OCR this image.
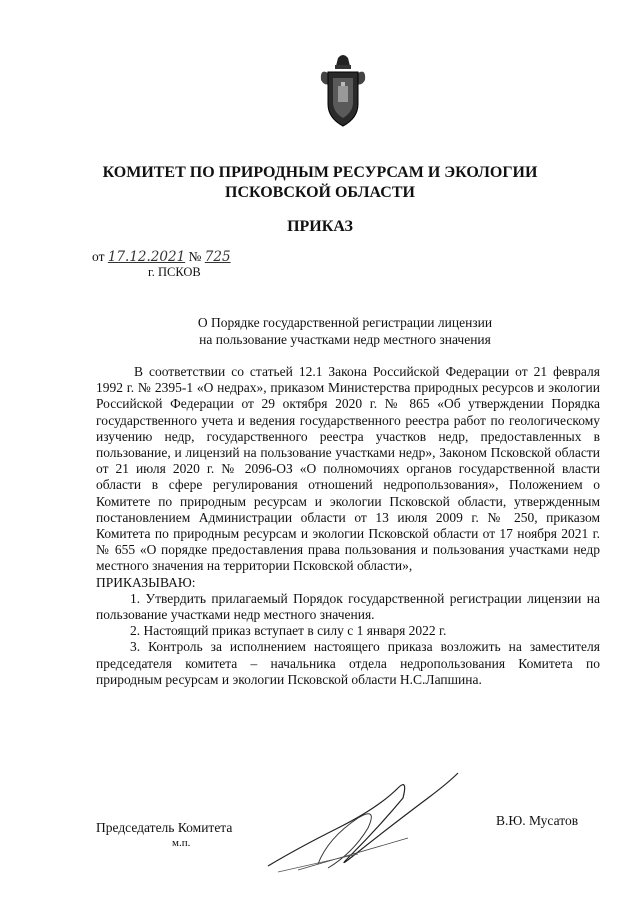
КОМИТЕТ ПО ПРИРОДНЫМ РЕСУРСАМ И ЭКОЛОГИИ
ПСКОВСКОЙ ОБЛАСТИ
ПРИКАЗ
от 17.12.2021 № 725
г. ПСКОВ
О Порядке государственной регистрации лицензии
на пользование участками недр местного значения

В соответствии со статьей 12.1 Закона Российской Федерации от 21 февраля 1992 г. № 2395-1 «О недрах», приказом Министерства природных ресурсов и экологии Российской Федерации от 29 октября 2020 г. № 865 «Об утверждении Порядка государственного учета и ведения государственного реестра работ по геологическому изучению недр, государственного реестра участков недр, предоставленных в пользование, и лицензий на пользование участками недр», Законом Псковской области от 21 июля 2020 г. № 2096-ОЗ «О полномочиях органов государственной власти области в сфере регулирования отношений недропользования», Положением о Комитете по природным ресурсам и экологии Псковской области, утвержденным постановлением Администрации области от 13 июля 2009 г. № 250, приказом Комитета по природным ресурсам и экологии Псковской области от 17 ноября 2021 г. № 655 «О порядке предоставления права пользования и пользования участками недр местного значения на территории Псковской области»,

ПРИКАЗЫВАЮ:

1. Утвердить прилагаемый Порядок государственной регистрации лицензии на пользование участками недр местного значения.

2. Настоящий приказ вступает в силу с 1 января 2022 г.

3. Контроль за исполнением настоящего приказа возложить на заместителя председателя комитета – начальника отдела недропользования Комитета по природным ресурсам и экологии Псковской области Н.С.Лапшина.

Председатель Комитета
м.п.
В.Ю. Мусатов
